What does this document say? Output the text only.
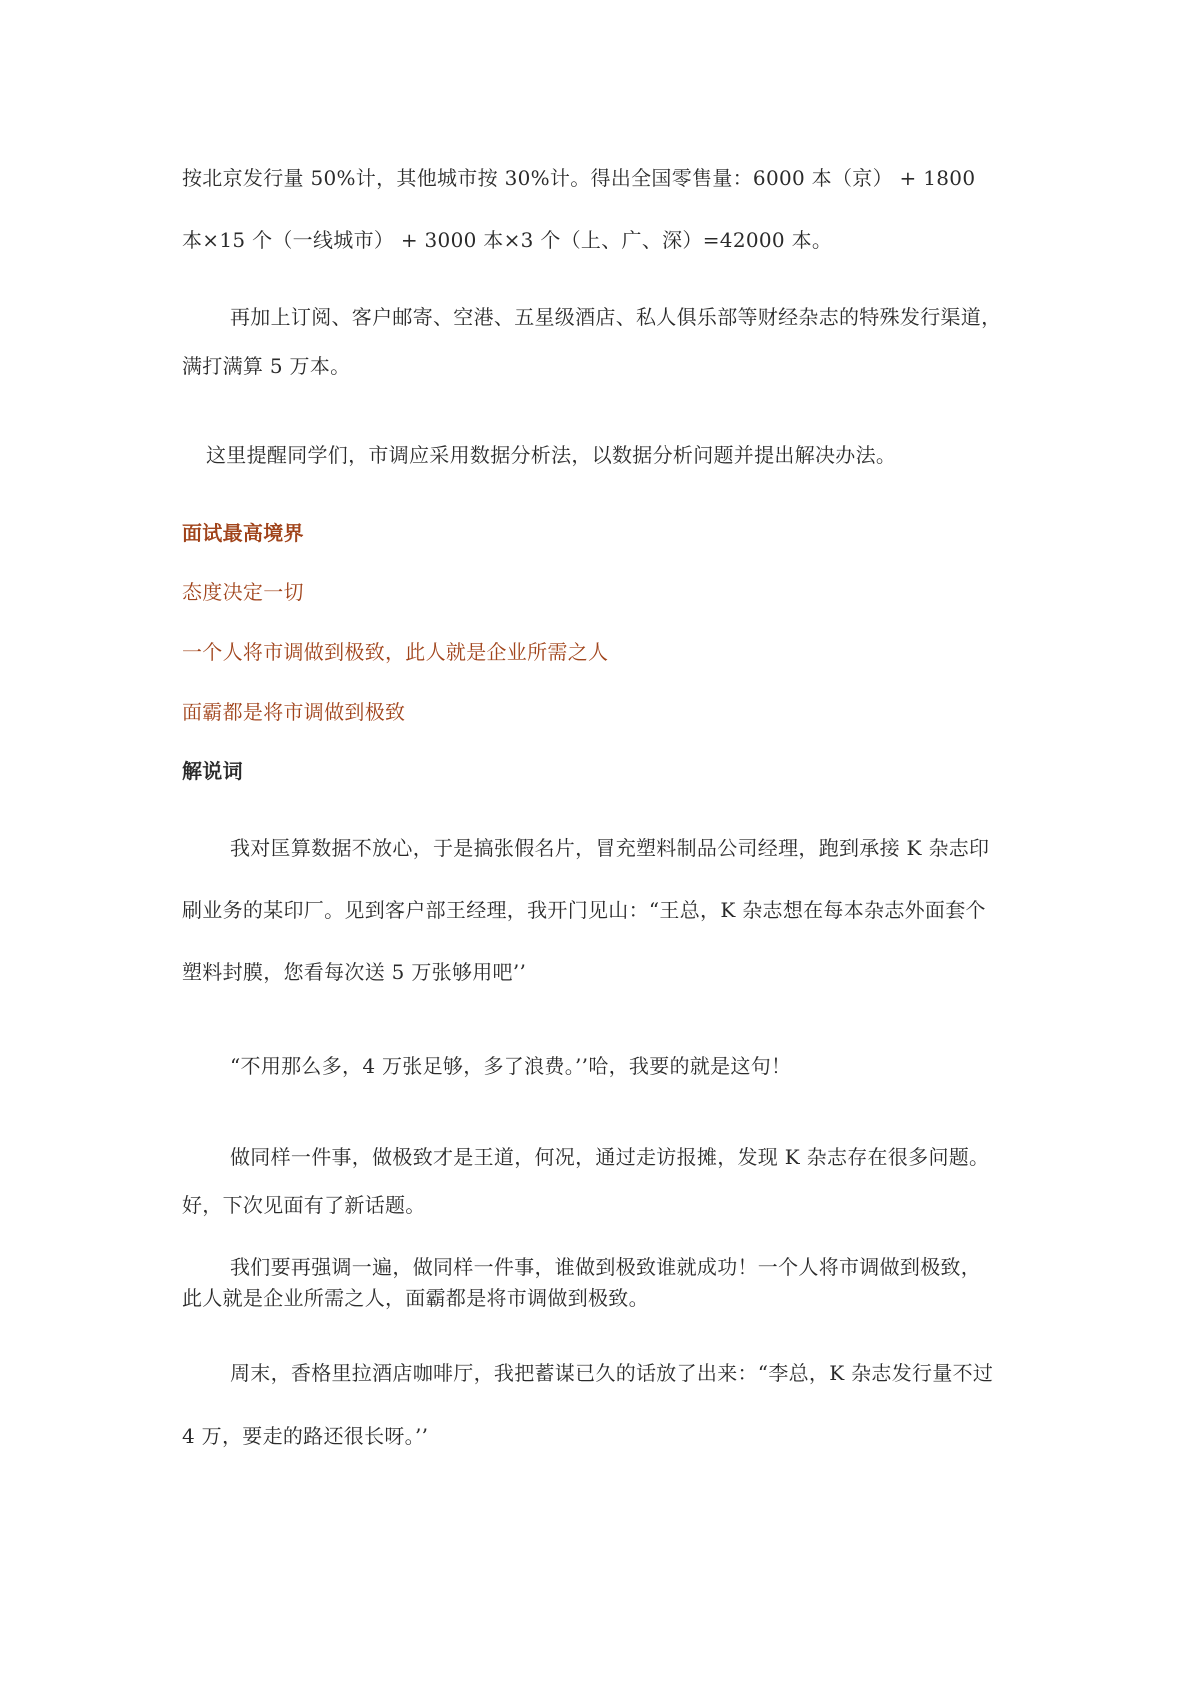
按北京发行量 50%计，其他城市按 30%计。得出全国零售量：6000 本（京） + 1800
本×15 个（一线城市） + 3000 本×3 个（上、广、深）=42000 本。
再加上订阅、客户邮寄、空港、五星级酒店、私人俱乐部等财经杂志的特殊发行渠道，
满打满算 5 万本。
这里提醒同学们，市调应采用数据分析法，以数据分析问题并提出解决办法。
面试最高境界
态度决定一切
一个人将市调做到极致，此人就是企业所需之人
面霸都是将市调做到极致
解说词
我对匡算数据不放心，于是搞张假名片，冒充塑料制品公司经理，跑到承接 K 杂志印
刷业务的某印厂。见到客户部王经理，我开门见山：“王总，K 杂志想在每本杂志外面套个
塑料封膜，您看每次送 5 万张够用吧’’
“不用那么多，4 万张足够，多了浪费。’’哈，我要的就是这句！
做同样一件事，做极致才是王道，何况，通过走访报摊，发现 K 杂志存在很多问题。
好，下次见面有了新话题。
我们要再强调一遍，做同样一件事，谁做到极致谁就成功！一个人将市调做到极致，
此人就是企业所需之人，面霸都是将市调做到极致。
周末，香格里拉酒店咖啡厅，我把蓄谋已久的话放了出来：“李总，K 杂志发行量不过
4 万，要走的路还很长呀。’’
